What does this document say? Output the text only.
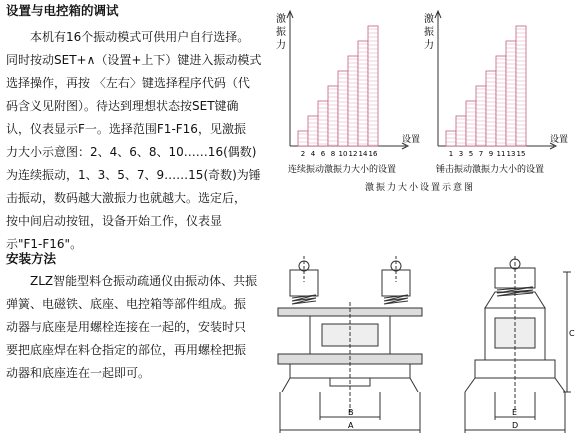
设置与电控箱的调试
本机有16个振动模式可供用户自行选择。
同时按动SET+∧（设置+上下）键进入振动模式
选择操作，再按 〈左右〉键选择程序代码（代
码含义见附图）。待达到理想状态按SET键确
认，仪表显示F一。选择范围F1-F16，见激振
力大小示意图：2、4、6、8、10……16(偶数)
为连续振动，1、3、5、7、9……15(奇数)为锤
击振动，数码越大激振力也就越大。选定后，
按中间启动按钮，设备开始工作，仪表显
示"F1-F16"。
安装方法
ZLZ智能型料仓振动疏通仪由振动体、共振
弹簧、电磁铁、底座、电控箱等部件组成。振
动器与底座是用螺栓连接在一起的，安装时只
要把底座焊在料仓指定的部位，再用螺栓把振
动器和底座连在一起即可。
激
振
力
2 4 6 8 10 12 14 16
设置
连续振动激振力大小的设置
激
振
力
1 3 5 7 9 11 13 15
设置
锤击振动激振力大小的设置
激振力大小设置示意图
B
A
C
E
D
